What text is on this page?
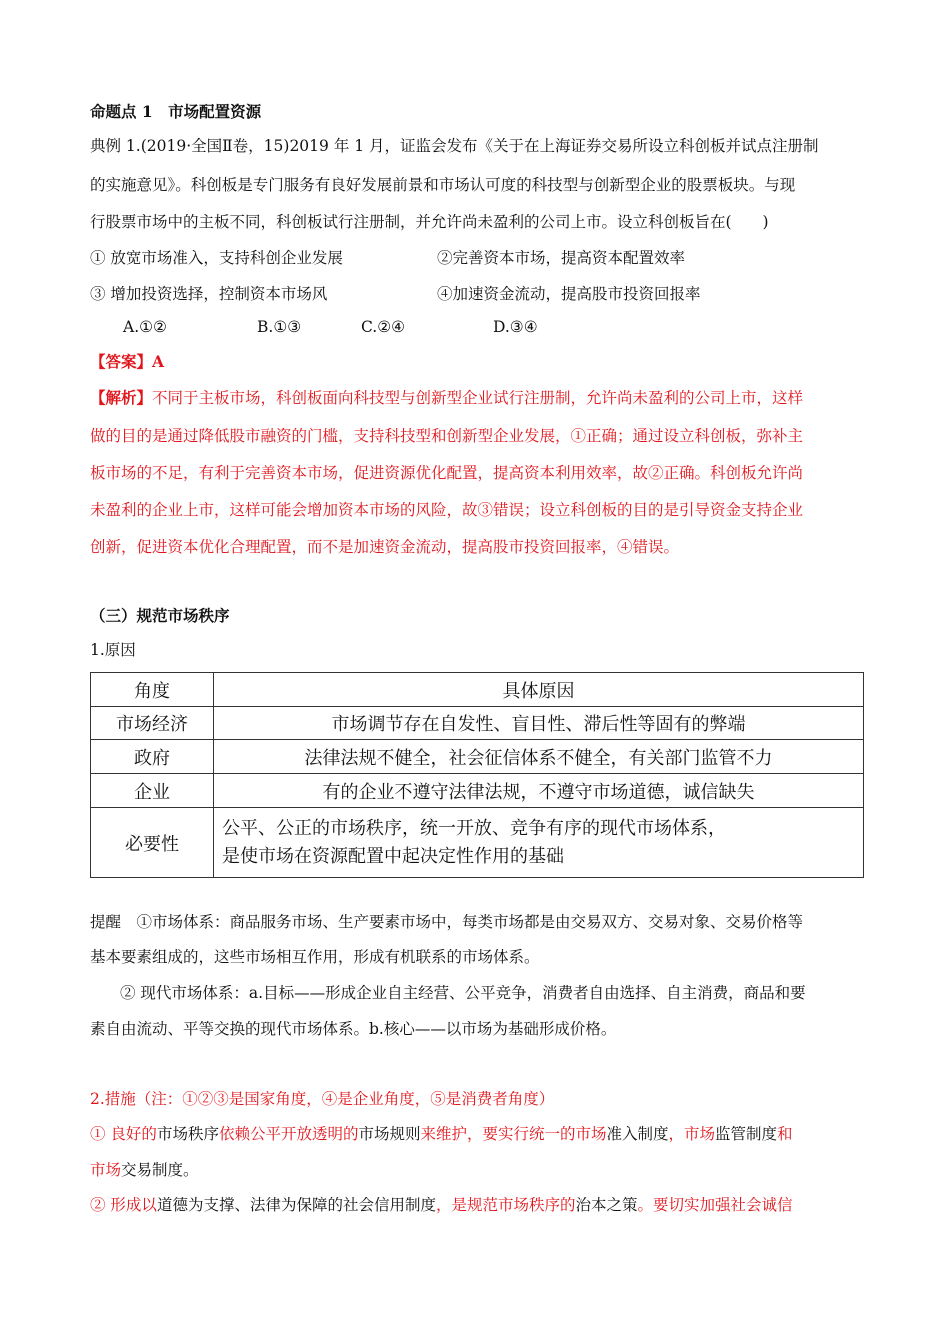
命题点 1　市场配置资源
典例 1.(2019·全国Ⅱ卷，15)2019 年 1 月，证监会发布《关于在上海证券交易所设立科创板并试点注册制
的实施意见》。科创板是专门服务有良好发展前景和市场认可度的科技型与创新型企业的股票板块。与现
行股票市场中的主板不同，科创板试行注册制，并允许尚未盈利的公司上市。设立科创板旨在(　　)
① 放宽市场准入，支持科创企业发展	②完善资本市场，提高资本配置效率
③ 增加投资选择，控制资本市场风	④加速资金流动，提高股市投资回报率
A.①②	B.①③	C.②④	D.③④
【答案】A
【解析】不同于主板市场，科创板面向科技型与创新型企业试行注册制，允许尚未盈利的公司上市，这样
做的目的是通过降低股市融资的门槛，支持科技型和创新型企业发展，①正确；通过设立科创板，弥补主
板市场的不足，有利于完善资本市场，促进资源优化配置，提高资本利用效率，故②正确。科创板允许尚
未盈利的企业上市，这样可能会增加资本市场的风险，故③错误；设立科创板的目的是引导资金支持企业
创新，促进资本优化合理配置，而不是加速资金流动，提高股市投资回报率，④错误。
（三）规范市场秩序
1.原因
角度	具体原因
市场经济	市场调节存在自发性、盲目性、滞后性等固有的弊端
政府	法律法规不健全，社会征信体系不健全，有关部门监管不力
企业	有的企业不遵守法律法规，不遵守市场道德，诚信缺失
必要性	公平、公正的市场秩序，统一开放、竞争有序的现代市场体系，
是使市场在资源配置中起决定性作用的基础
提醒　①市场体系：商品服务市场、生产要素市场中，每类市场都是由交易双方、交易对象、交易价格等
基本要素组成的，这些市场相互作用，形成有机联系的市场体系。
② 现代市场体系：a.目标——形成企业自主经营、公平竞争，消费者自由选择、自主消费，商品和要
素自由流动、平等交换的现代市场体系。b.核心——以市场为基础形成价格。
2.措施（注：①②③是国家角度，④是企业角度，⑤是消费者角度）
① 良好的市场秩序依赖公平开放透明的市场规则来维护，要实行统一的市场准入制度，市场监管制度和
市场交易制度。
② 形成以道德为支撑、法律为保障的社会信用制度，是规范市场秩序的治本之策。要切实加强社会诚信
